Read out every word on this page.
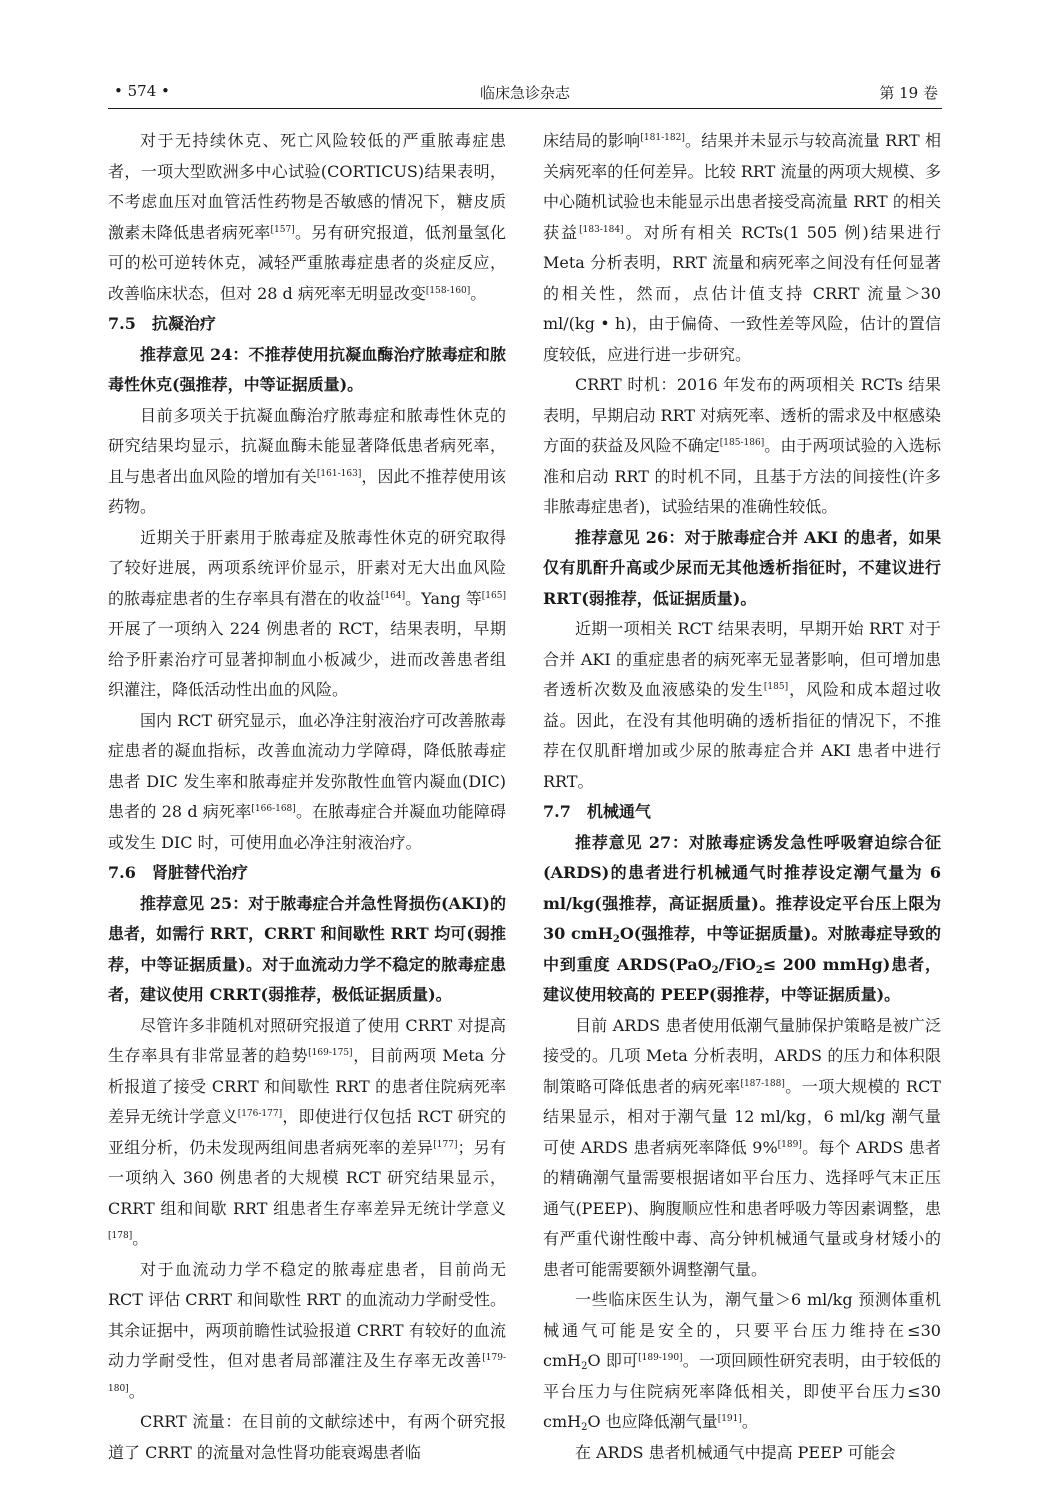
• 574 •	临床急诊杂志	第 19 卷

对于无持续休克、死亡风险较低的严重脓毒症患者，一项大型欧洲多中心试验(CORTICUS)结果表明，不考虑血压对血管活性药物是否敏感的情况下，糖皮质激素未降低患者病死率[157]。另有研究报道，低剂量氢化可的松可逆转休克，减轻严重脓毒症患者的炎症反应，改善临床状态，但对 28 d 病死率无明显改变[158-160]。

7.5　抗凝治疗

推荐意见 24：不推荐使用抗凝血酶治疗脓毒症和脓毒性休克(强推荐，中等证据质量)。

目前多项关于抗凝血酶治疗脓毒症和脓毒性休克的研究结果均显示，抗凝血酶未能显著降低患者病死率，且与患者出血风险的增加有关[161-163]，因此不推荐使用该药物。

近期关于肝素用于脓毒症及脓毒性休克的研究取得了较好进展，两项系统评价显示，肝素对无大出血风险的脓毒症患者的生存率具有潜在的收益[164]。Yang 等[165]开展了一项纳入 224 例患者的 RCT，结果表明，早期给予肝素治疗可显著抑制血小板减少，进而改善患者组织灌注，降低活动性出血的风险。

国内 RCT 研究显示，血必净注射液治疗可改善脓毒症患者的凝血指标，改善血流动力学障碍，降低脓毒症患者 DIC 发生率和脓毒症并发弥散性血管内凝血(DIC)患者的 28 d 病死率[166-168]。在脓毒症合并凝血功能障碍或发生 DIC 时，可使用血必净注射液治疗。

7.6　肾脏替代治疗

推荐意见 25：对于脓毒症合并急性肾损伤(AKI)的患者，如需行 RRT，CRRT 和间歇性 RRT 均可(弱推荐，中等证据质量)。对于血流动力学不稳定的脓毒症患者，建议使用 CRRT(弱推荐，极低证据质量)。

尽管许多非随机对照研究报道了使用 CRRT 对提高生存率具有非常显著的趋势[169-175]，目前两项 Meta 分析报道了接受 CRRT 和间歇性 RRT 的患者住院病死率差异无统计学意义[176-177]，即使进行仅包括 RCT 研究的亚组分析，仍未发现两组间患者病死率的差异[177]；另有一项纳入 360 例患者的大规模 RCT 研究结果显示，CRRT 组和间歇 RRT 组患者生存率差异无统计学意义[178]。

对于血流动力学不稳定的脓毒症患者，目前尚无 RCT 评估 CRRT 和间歇性 RRT 的血流动力学耐受性。其余证据中，两项前瞻性试验报道 CRRT 有较好的血流动力学耐受性，但对患者局部灌注及生存率无改善[179-180]。

CRRT 流量：在目前的文献综述中，有两个研究报道了 CRRT 的流量对急性肾功能衰竭患者临

床结局的影响[181-182]。结果并未显示与较高流量 RRT 相关病死率的任何差异。比较 RRT 流量的两项大规模、多中心随机试验也未能显示出患者接受高流量 RRT 的相关获益[183-184]。对所有相关 RCTs(1 505 例)结果进行 Meta 分析表明，RRT 流量和病死率之间没有任何显著的相关性，然而，点估计值支持 CRRT 流量＞30 ml/(kg • h)，由于偏倚、一致性差等风险，估计的置信度较低，应进行进一步研究。

CRRT 时机：2016 年发布的两项相关 RCTs 结果表明，早期启动 RRT 对病死率、透析的需求及中枢感染方面的获益及风险不确定[185-186]。由于两项试验的入选标准和启动 RRT 的时机不同，且基于方法的间接性(许多非脓毒症患者)，试验结果的准确性较低。

推荐意见 26：对于脓毒症合并 AKI 的患者，如果仅有肌酐升高或少尿而无其他透析指征时，不建议进行 RRT(弱推荐，低证据质量)。

近期一项相关 RCT 结果表明，早期开始 RRT 对于合并 AKI 的重症患者的病死率无显著影响，但可增加患者透析次数及血液感染的发生[185]，风险和成本超过收益。因此，在没有其他明确的透析指征的情况下，不推荐在仅肌酐增加或少尿的脓毒症合并 AKI 患者中进行 RRT。

7.7　机械通气

推荐意见 27：对脓毒症诱发急性呼吸窘迫综合征(ARDS)的患者进行机械通气时推荐设定潮气量为 6 ml/kg(强推荐，高证据质量)。推荐设定平台压上限为 30 cmH$_2$O(强推荐，中等证据质量)。对脓毒症导致的中到重度 ARDS(PaO$_2$/FiO$_2$≤ 200 mmHg)患者，建议使用较高的 PEEP(弱推荐，中等证据质量)。

目前 ARDS 患者使用低潮气量肺保护策略是被广泛接受的。几项 Meta 分析表明，ARDS 的压力和体积限制策略可降低患者的病死率[187-188]。一项大规模的 RCT 结果显示，相对于潮气量 12 ml/kg，6 ml/kg 潮气量可使 ARDS 患者病死率降低 9%[189]。每个 ARDS 患者的精确潮气量需要根据诸如平台压力、选择呼气末正压通气(PEEP)、胸腹顺应性和患者呼吸力等因素调整，患有严重代谢性酸中毒、高分钟机械通气量或身材矮小的患者可能需要额外调整潮气量。

一些临床医生认为，潮气量＞6 ml/kg 预测体重机械通气可能是安全的，只要平台压力维持在≤30 cmH$_2$O 即可[189-190]。一项回顾性研究表明，由于较低的平台压力与住院病死率降低相关，即使平台压力≤30 cmH$_2$O 也应降低潮气量[191]。

在 ARDS 患者机械通气中提高 PEEP 可能会
